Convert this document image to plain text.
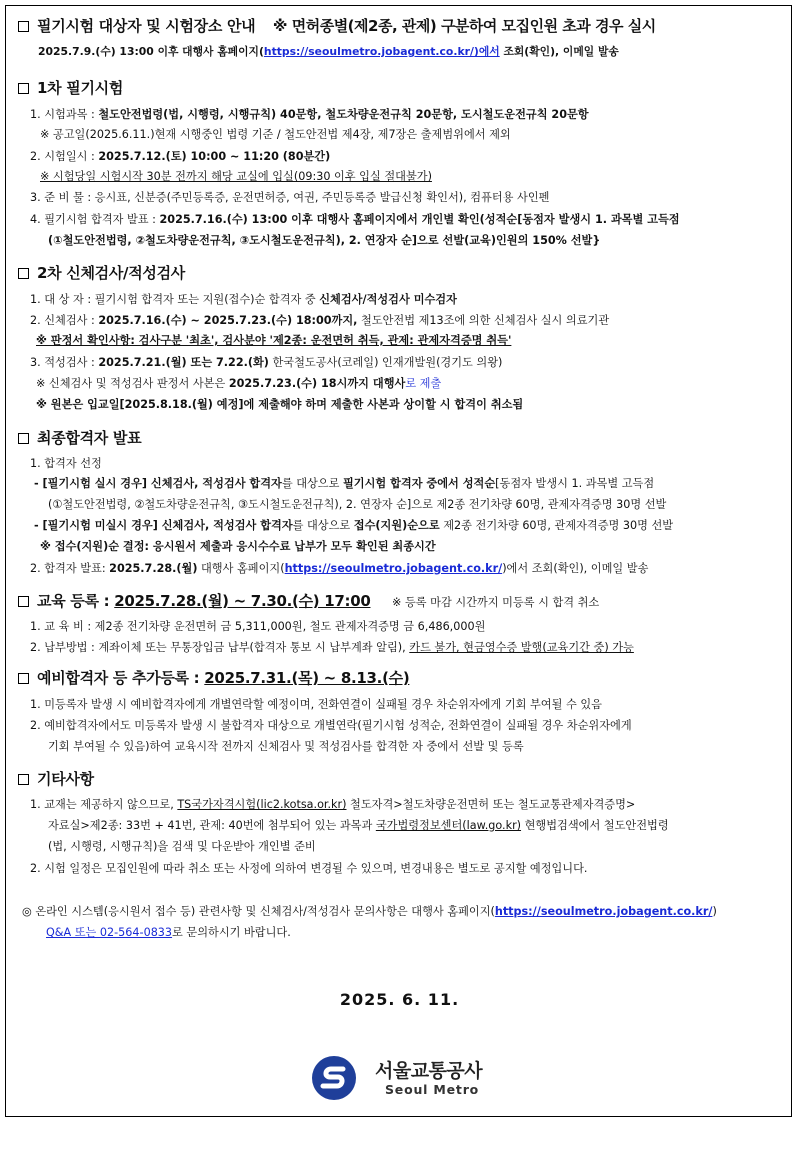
필기시험 대상자 및 시험장소 안내 ※ 면허종별(제2종, 관제) 구분하여 모집인원 초과 경우 실시
2025.7.9.(수) 13:00 이후 대행사 홈페이지(https://seoulmetro.jobagent.co.kr/)에서 조회(확인), 이메일 발송
1차 필기시험
1. 시험과목 : 철도안전법령(법, 시행령, 시행규칙) 40문항, 철도차량운전규칙 20문항, 도시철도운전규칙 20문항
※ 공고일(2025.6.11.)현재 시행중인 법령 기준 / 철도안전법 제4장, 제7장은 출제범위에서 제외
2. 시험일시 : 2025.7.12.(토) 10:00 ~ 11:20 (80분간)
※ 시험당일 시험시작 30분 전까지 해당 교실에 입실(09:30 이후 입실 절대불가)
3. 준 비 물 : 응시표, 신분증(주민등록증, 운전면허증, 여권, 주민등록증 발급신청 확인서), 컴퓨터용 사인펜
4. 필기시험 합격자 발표 : 2025.7.16.(수) 13:00 이후 대행사 홈페이지에서 개인별 확인(성적순[동점자 발생시 1. 과목별 고득점
(①철도안전법령, ②철도차량운전규칙, ③도시철도운전규칙), 2. 연장자 순]으로 선발(교육)인원의 150% 선발}
2차 신체검사/적성검사
1. 대 상 자 : 필기시험 합격자 또는 지원(접수)순 합격자 중 신체검사/적성검사 미수검자
2. 신체검사 : 2025.7.16.(수) ~ 2025.7.23.(수) 18:00까지, 철도안전법 제13조에 의한 신체검사 실시 의료기관
※ 판정서 확인사항: 검사구분 '최초', 검사분야 '제2종: 운전면허 취득, 관제: 관제자격증명 취득'
3. 적성검사 : 2025.7.21.(월) 또는 7.22.(화) 한국철도공사(코레일) 인재개발원(경기도 의왕)
※ 신체검사 및 적성검사 판정서 사본은 2025.7.23.(수) 18시까지 대행사로 제출
※ 원본은 입교일[2025.8.18.(월) 예정]에 제출해야 하며 제출한 사본과 상이할 시 합격이 취소됨
최종합격자 발표
1. 합격자 선정
- [필기시험 실시 경우] 신체검사, 적성검사 합격자를 대상으로 필기시험 합격자 중에서 성적순[동점자 발생시 1. 과목별 고득점
(①철도안전법령, ②철도차량운전규칙, ③도시철도운전규칙), 2. 연장자 순]으로 제2종 전기차량 60명, 관제자격증명 30명 선발
- [필기시험 미실시 경우] 신체검사, 적성검사 합격자를 대상으로 접수(지원)순으로 제2종 전기차량 60명, 관제자격증명 30명 선발
※ 접수(지원)순 결정: 응시원서 제출과 응시수수료 납부가 모두 확인된 최종시간
2. 합격자 발표: 2025.7.28.(월) 대행사 홈페이지(https://seoulmetro.jobagent.co.kr/)에서 조회(확인), 이메일 발송
교육 등록 : 2025.7.28.(월) ~ 7.30.(수) 17:00 ※ 등록 마감 시간까지 미등록 시 합격 취소
1. 교 육 비 : 제2종 전기차량 운전면허 금 5,311,000원, 철도 관제자격증명 금 6,486,000원
2. 납부방법 : 계좌이체 또는 무통장입금 납부(합격자 통보 시 납부계좌 알림), 카드 불가, 현금영수증 발행(교육기간 중) 가능
예비합격자 등 추가등록 : 2025.7.31.(목) ~ 8.13.(수)
1. 미등록자 발생 시 예비합격자에게 개별연락할 예정이며, 전화연결이 실패될 경우 차순위자에게 기회 부여될 수 있음
2. 예비합격자에서도 미등록자 발생 시 불합격자 대상으로 개별연락(필기시험 성적순, 전화연결이 실패될 경우 차순위자에게
기회 부여될 수 있음)하여 교육시작 전까지 신체검사 및 적성검사를 합격한 자 중에서 선발 및 등록
기타사항
1. 교재는 제공하지 않으므로, TS국가자격시험(lic2.kotsa.or.kr) 철도자격>철도차량운전면허 또는 철도교통관제자격증명>
자료실>제2종: 33번 + 41번, 관제: 40번에 첨부되어 있는 과목과 국가법령정보센터(law.go.kr) 현행법검색에서 철도안전법령
(법, 시행령, 시행규칙)을 검색 및 다운받아 개인별 준비
2. 시험 일정은 모집인원에 따라 취소 또는 사정에 의하여 변경될 수 있으며, 변경내용은 별도로 공지할 예정입니다.
◎ 온라인 시스템(응시원서 접수 등) 관련사항 및 신체검사/적성검사 문의사항은 대행사 홈페이지(https://seoulmetro.jobagent.co.kr/)
Q&A 또는 02-564-0833로 문의하시기 바랍니다.
2025. 6. 11.
서울교통공사
Seoul Metro
